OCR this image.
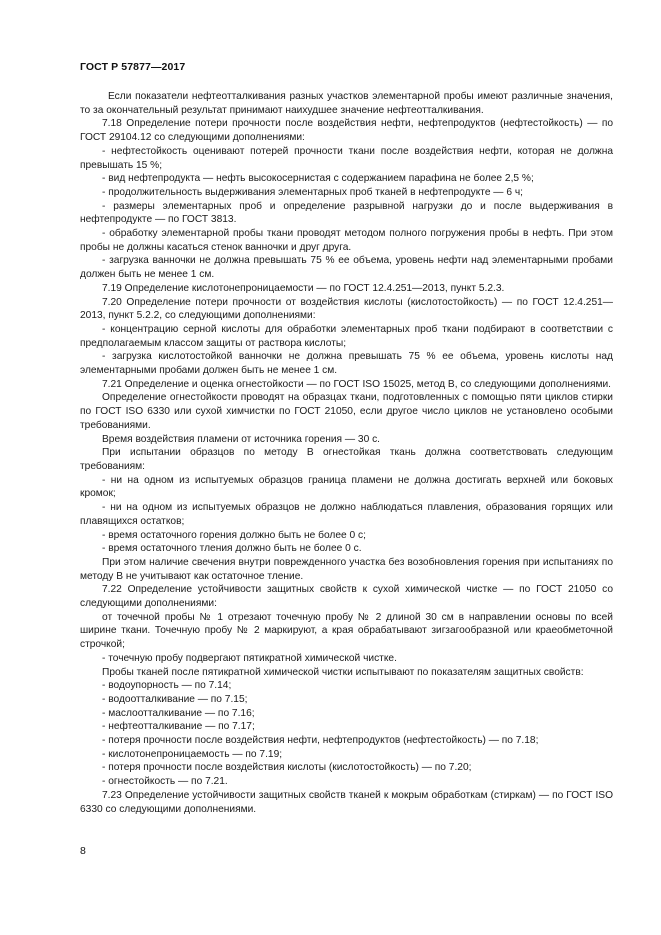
ГОСТ Р 57877—2017

Если показатели нефтеотталкивания разных участков элементарной пробы имеют различные значения, то за окончательный результат принимают наихудшее значение нефтеотталкивания.

7.18 Определение потери прочности после воздействия нефти, нефтепродуктов (нефтестойкость) — по ГОСТ 29104.12 со следующими дополнениями:

- нефтестойкость оценивают потерей прочности ткани после воздействия нефти, которая не должна превышать 15 %;

- вид нефтепродукта — нефть высокосернистая с содержанием парафина не более 2,5 %;

- продолжительность выдерживания элементарных проб тканей в нефтепродукте — 6 ч;

- размеры элементарных проб и определение разрывной нагрузки до и после выдерживания в нефтепродукте — по ГОСТ 3813.

- обработку элементарной пробы ткани проводят методом полного погружения пробы в нефть. При этом пробы не должны касаться стенок ванночки и друг друга.

- загрузка ванночки не должна превышать 75 % ее объема, уровень нефти над элементарными пробами должен быть не менее 1 см.

7.19 Определение кислотонепроницаемости — по ГОСТ 12.4.251—2013, пункт 5.2.3.

7.20 Определение потери прочности от воздействия кислоты (кислотостойкость) — по ГОСТ 12.4.251—2013, пункт 5.2.2, со следующими дополнениями:

- концентрацию серной кислоты для обработки элементарных проб ткани подбирают в соответствии с предполагаемым классом защиты от раствора кислоты;

- загрузка кислотостойкой ванночки не должна превышать 75 % ее объема, уровень кислоты над элементарными пробами должен быть не менее 1 см.

7.21 Определение и оценка огнестойкости — по ГОСТ ISO 15025, метод В, со следующими дополнениями.

Определение огнестойкости проводят на образцах ткани, подготовленных с помощью пяти циклов стирки по ГОСТ ISO 6330 или сухой химчистки по ГОСТ 21050, если другое число циклов не установлено особыми требованиями.

Время воздействия пламени от источника горения — 30 с.

При испытании образцов по методу В огнестойкая ткань должна соответствовать следующим требованиям:

- ни на одном из испытуемых образцов граница пламени не должна достигать верхней или боковых кромок;

- ни на одном из испытуемых образцов не должно наблюдаться плавления, образования горящих или плавящихся остатков;

- время остаточного горения должно быть не более 0 с;

- время остаточного тления должно быть не более 0 с.

При этом наличие свечения внутри поврежденного участка без возобновления горения при испытаниях по методу В не учитывают как остаточное тление.

7.22 Определение устойчивости защитных свойств к сухой химической чистке — по ГОСТ 21050 со следующими дополнениями:

от точечной пробы № 1 отрезают точечную пробу № 2 длиной 30 см в направлении основы по всей ширине ткани. Точечную пробу № 2 маркируют, а края обрабатывают зигзагообразной или краеобметочной строчкой;

- точечную пробу подвергают пятикратной химической чистке.

Пробы тканей после пятикратной химической чистки испытывают по показателям защитных свойств:

- водоупорность — по 7.14;

- водоотталкивание — по 7.15;

- маслоотталкивание — по 7.16;

- нефтеотталкивание — по 7.17;

- потеря прочности после воздействия нефти, нефтепродуктов (нефтестойкость) — по 7.18;

- кислотонепроницаемость — по 7.19;

- потеря прочности после воздействия кислоты (кислотостойкость) — по 7.20;

- огнестойкость — по 7.21.

7.23 Определение устойчивости защитных свойств тканей к мокрым обработкам (стиркам) — по ГОСТ ISO 6330 со следующими дополнениями.

8
